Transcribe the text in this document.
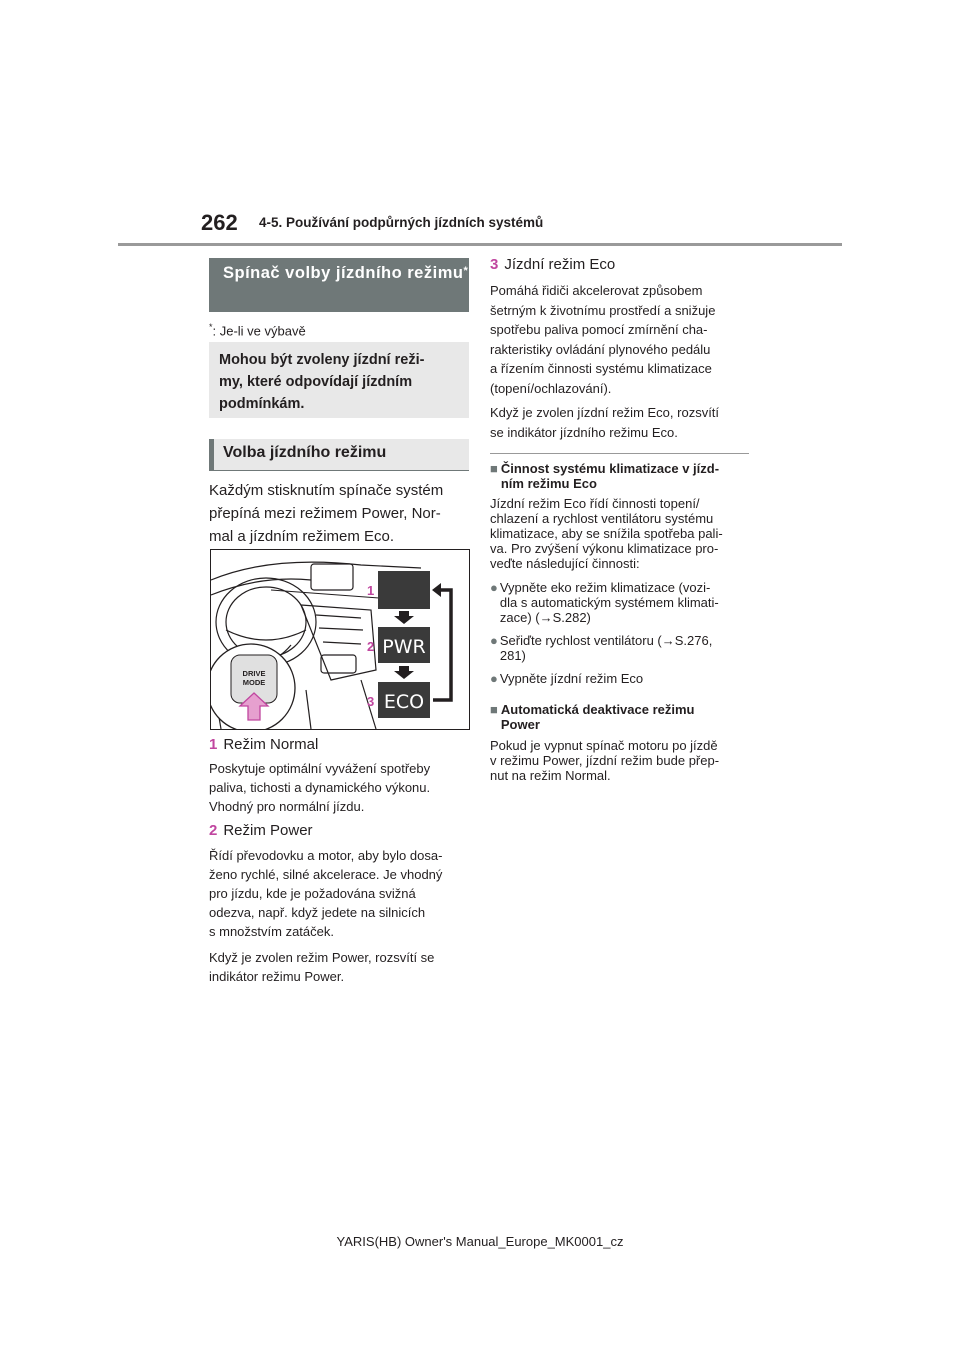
262 4-5. Používání podpůrných jízdních systémů
Spínač volby jízdního režimu*
*: Je-li ve výbavě
Mohou být zvoleny jízdní reži-
my, které odpovídají jízdním
podmínkám.
Volba jízdního režimu
Každým stisknutím spínače systém
přepíná mezi režimem Power, Nor-
mal a jízdním režimem Eco.
DRIVE
MODE
1
2 PWR
3 ECO
1 Režim Normal
Poskytuje optimální vyvážení spotřeby
paliva, tichosti a dynamického výkonu.
Vhodný pro normální jízdu.
2 Režim Power
Řídí převodovku a motor, aby bylo dosa-
ženo rychlé, silné akcelerace. Je vhodný
pro jízdu, kde je požadována svižná
odezva, např. když jedete na silnicích
s množstvím zatáček.
Když je zvolen režim Power, rozsvítí se
indikátor režimu Power.
3 Jízdní režim Eco
Pomáhá řidiči akcelerovat způsobem
šetrným k životnímu prostředí a snižuje
spotřebu paliva pomocí zmírnění cha-
rakteristiky ovládání plynového pedálu
a řízením činnosti systému klimatizace
(topení/ochlazování).
Když je zvolen jízdní režim Eco, rozsvítí
se indikátor jízdního režimu Eco.
■ Činnost systému klimatizace v jízd-
ním režimu Eco
Jízdní režim Eco řídí činnosti topení/
chlazení a rychlost ventilátoru systému
klimatizace, aby se snížila spotřeba pali-
va. Pro zvýšení výkonu klimatizace pro-
veďte následující činnosti:
● Vypněte eko režim klimatizace (vozi-
dla s automatickým systémem klimati-
zace) (→S.282)
● Seřiďte rychlost ventilátoru (→S.276,
281)
● Vypněte jízdní režim Eco
■ Automatická deaktivace režimu
Power
Pokud je vypnut spínač motoru po jízdě
v režimu Power, jízdní režim bude přep-
nut na režim Normal.
YARIS(HB) Owner's Manual_Europe_MK0001_cz
